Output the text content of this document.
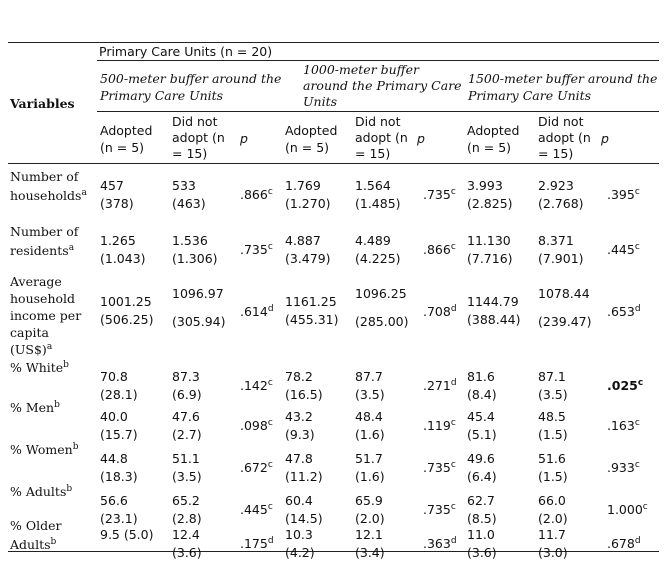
Variables
Primary Care Units (n = 20)
500-meter buffer around the Primary Care Units
1000-meter buffer around the Primary Care Units
1500-meter buffer around the Primary Care Units
Adopted
(n = 5)
Did not
adopt (n
= 15)
p
Adopted
(n = 5)
Did not
adopt (n
= 15)
p
Adopted
(n = 5)
Did not
adopt (n
= 15)
p
Number of
households$^a$ 457
(378)
533
(463)
.866$^c$ 1.769
(1.270)
1.564
(1.485)
.735$^c$ 3.993
(2.825)
2.923
(2.768)
.395$^c$
Number of
residents$^a$	1.265
(1.043)
1.536
(1.306)
.735$^c$ 4.887
(3.479)
4.489
(4.225)
.866$^c$ 11.130
(7.716)
8.371
(7.901)
.445$^c$
Average
household
income per
capita
(US$)$^a$
1001.25
(506.25)
1096.97
(305.94)
.614$^d$ 1161.25
(455.31)
1096.25
(285.00)
.708$^d$ 1144.79
(388.44)
1078.44
(239.47)
.653$^d$
% White$^b$
70.8
(28.1)
87.3
(6.9)
.142$^c$ 78.2
(16.5)
87.7
(3.5)
.271$^d$ 81.6
(8.4)
87.1
(3.5)
.025$^c$
% Men$^b$
40.0
(15.7)
47.6
(2.7)
.098$^c$ 43.2
(9.3)
48.4
(1.6)
.119$^c$ 45.4
(5.1)
48.5
(1.5)
.163$^c$
% Women$^b$
44.8
(18.3)
51.1
(3.5)
.672$^c$ 47.8
(11.2)
51.7
(1.6)
.735$^c$ 49.6
(6.4)
51.6
(1.5)
.933$^c$
% Adults$^b$
56.6
(23.1)
65.2
(2.8)
.445$^c$ 60.4
(14.5)
65.9
(2.0)
.735$^c$ 62.7
(8.5)
66.0
(2.0)
1.000$^c$
% Older
Adults$^b$	9.5 (5.0) 12.4
(3.6)
.175$^d$ 10.3
(4.2)
12.1
(3.4)
.363$^d$ 11.0
(3.6)
11.7
(3.0)
.678$^d$
